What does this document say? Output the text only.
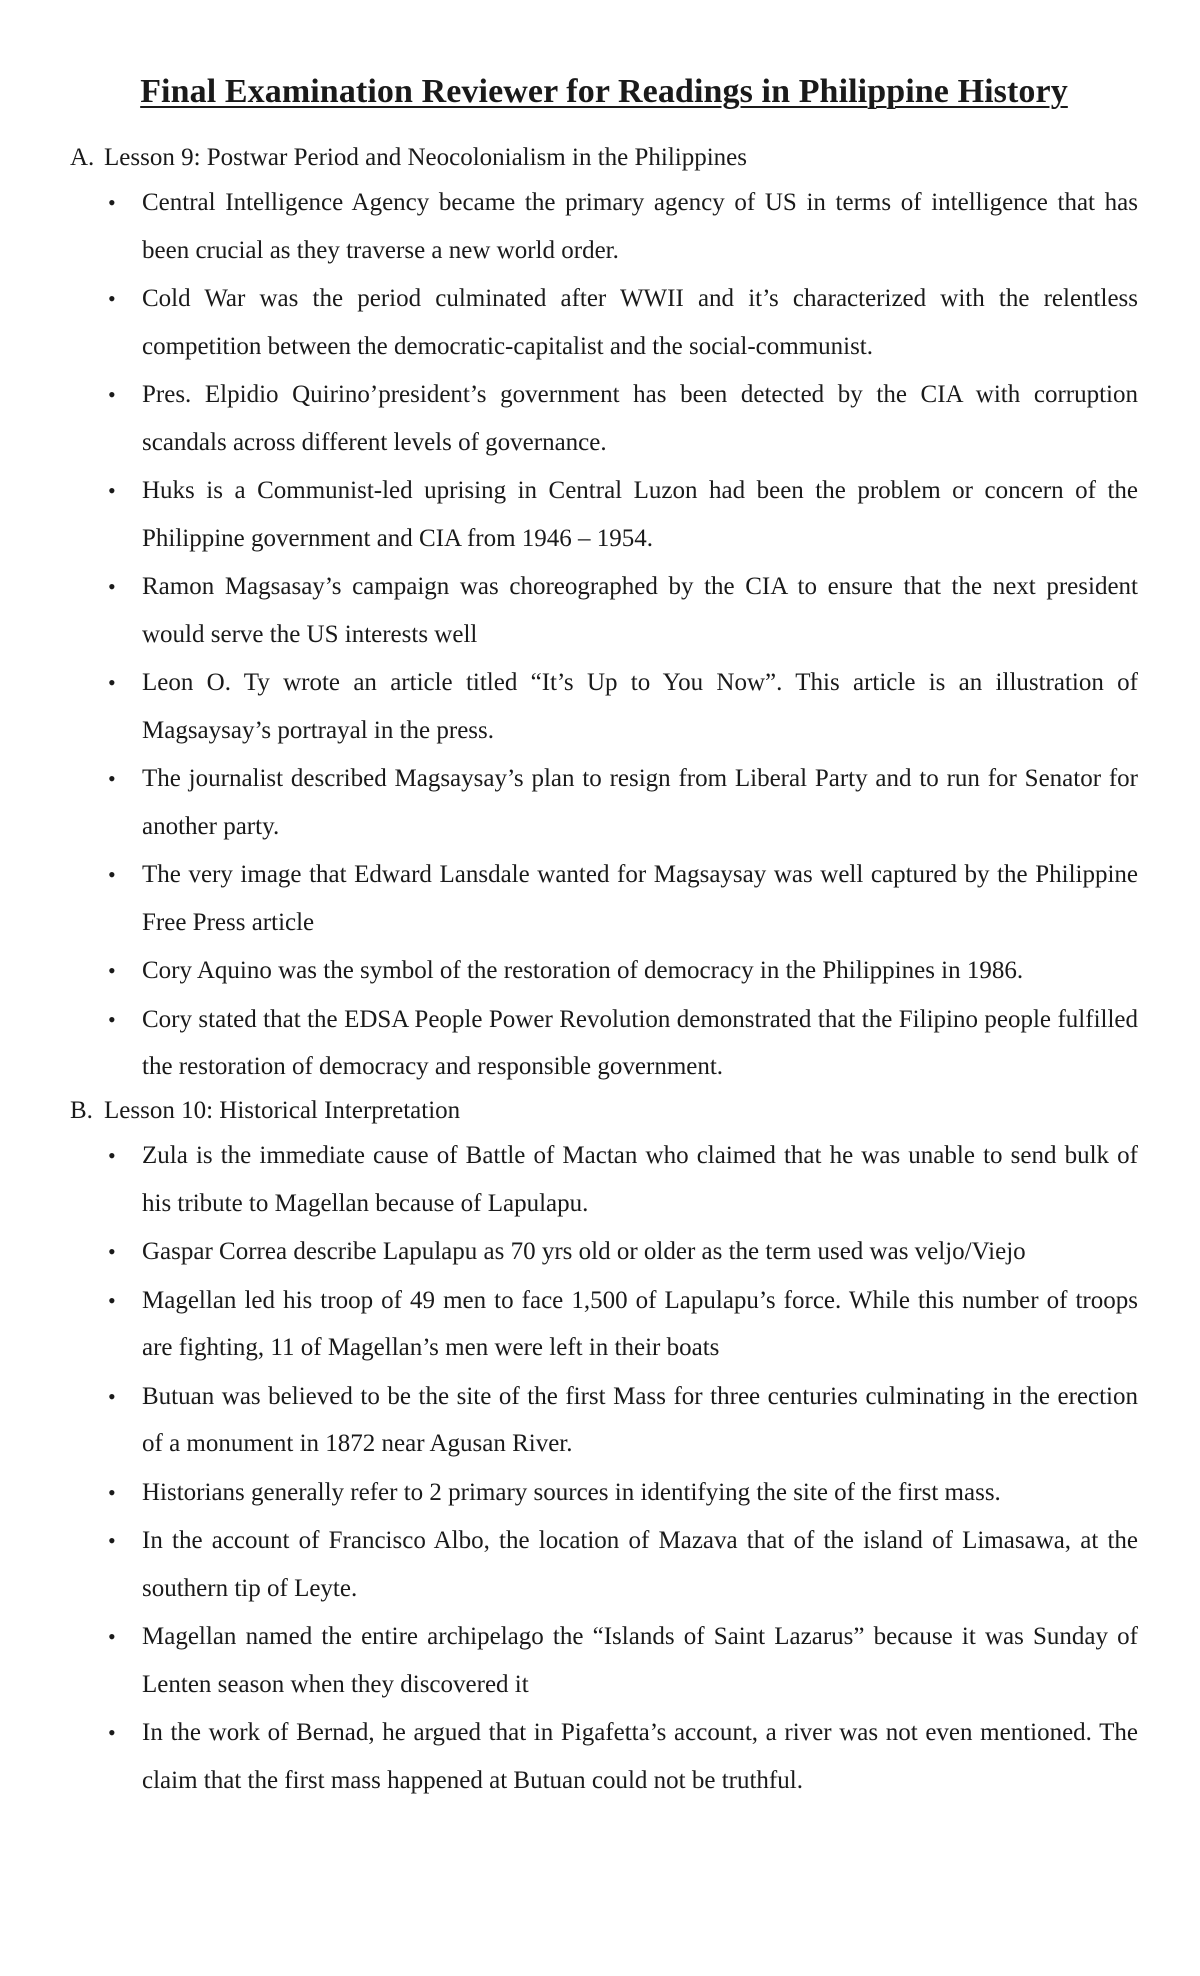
Final Examination Reviewer for Readings in Philippine History
A. Lesson 9: Postwar Period and Neocolonialism in the Philippines
• Central Intelligence Agency became the primary agency of US in terms of intelligence that has been crucial as they traverse a new world order.
• Cold War was the period culminated after WWII and it’s characterized with the relentless competition between the democratic-capitalist and the social-communist.
• Pres. Elpidio Quirino’president’s government has been detected by the CIA with corruption scandals across different levels of governance.
• Huks is a Communist-led uprising in Central Luzon had been the problem or concern of the Philippine government and CIA from 1946 – 1954.
• Ramon Magsasay’s campaign was choreographed by the CIA to ensure that the next president would serve the US interests well
• Leon O. Ty wrote an article titled “It’s Up to You Now”. This article is an illustration of Magsaysay’s portrayal in the press.
• The journalist described Magsaysay’s plan to resign from Liberal Party and to run for Senator for another party.
• The very image that Edward Lansdale wanted for Magsaysay was well captured by the Philippine Free Press article
• Cory Aquino was the symbol of the restoration of democracy in the Philippines in 1986.
• Cory stated that the EDSA People Power Revolution demonstrated that the Filipino people fulfilled the restoration of democracy and responsible government.
B. Lesson 10: Historical Interpretation
• Zula is the immediate cause of Battle of Mactan who claimed that he was unable to send bulk of his tribute to Magellan because of Lapulapu.
• Gaspar Correa describe Lapulapu as 70 yrs old or older as the term used was veljo/Viejo
• Magellan led his troop of 49 men to face 1,500 of Lapulapu’s force. While this number of troops are fighting, 11 of Magellan’s men were left in their boats
• Butuan was believed to be the site of the first Mass for three centuries culminating in the erection of a monument in 1872 near Agusan River.
• Historians generally refer to 2 primary sources in identifying the site of the first mass.
• In the account of Francisco Albo, the location of Mazava that of the island of Limasawa, at the southern tip of Leyte.
• Magellan named the entire archipelago the “Islands of Saint Lazarus” because it was Sunday of Lenten season when they discovered it
• In the work of Bernad, he argued that in Pigafetta’s account, a river was not even mentioned. The claim that the first mass happened at Butuan could not be truthful.
